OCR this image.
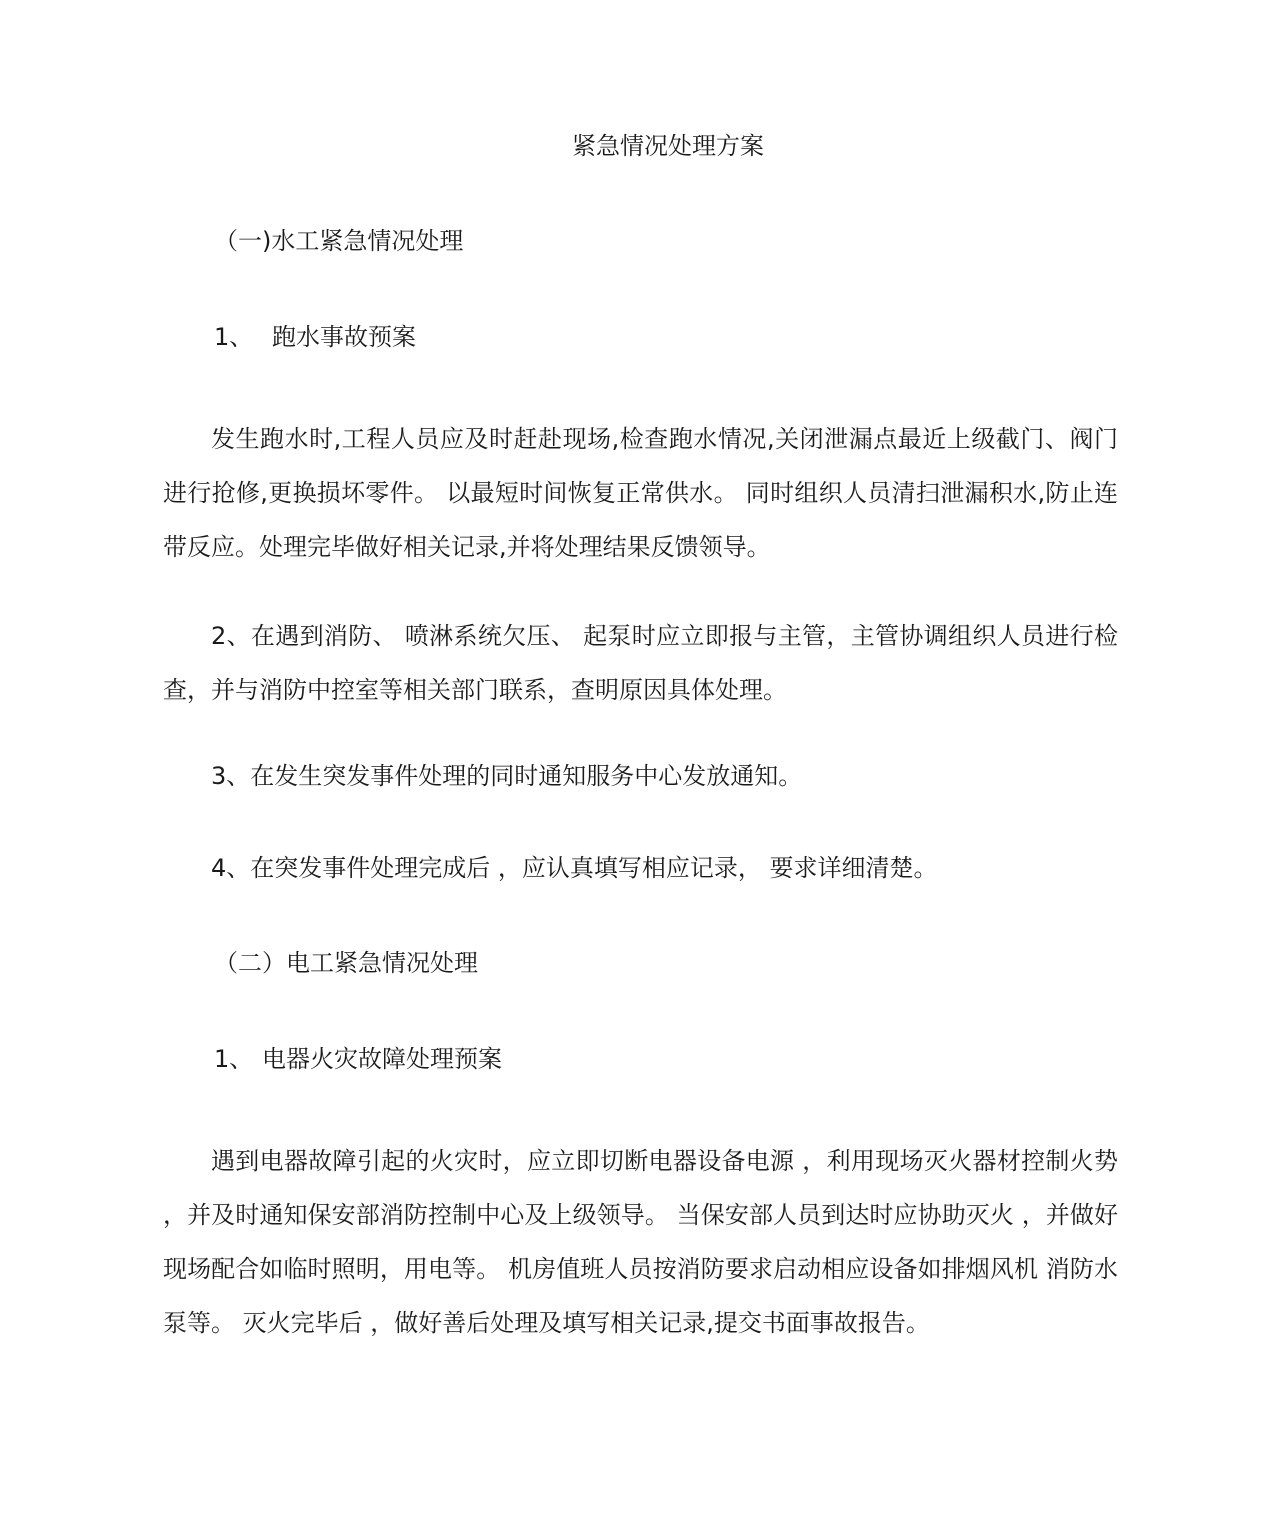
紧急情况处理方案
（一)水工紧急情况处理
1、 跑水事故预案
发生跑水时,工程人员应及时赶赴现场,检查跑水情况,关闭泄漏点最近上级截门、阀门进行抢修,更换损坏零件。 以最短时间恢复正常供水。 同时组织人员清扫泄漏积水,防止连带反应。处理完毕做好相关记录,并将处理结果反馈领导。
2、在遇到消防、 喷淋系统欠压、 起泵时应立即报与主管，主管协调组织人员进行检查，并与消防中控室等相关部门联系，查明原因具体处理。
3、在发生突发事件处理的同时通知服务中心发放通知。
4、在突发事件处理完成后 ，应认真填写相应记录， 要求详细清楚。
（二）电工紧急情况处理
1、 电器火灾故障处理预案
遇到电器故障引起的火灾时，应立即切断电器设备电源 ，利用现场灭火器材控制火势 ，并及时通知保安部消防控制中心及上级领导。 当保安部人员到达时应协助灭火 ，并做好现场配合如临时照明，用电等。 机房值班人员按消防要求启动相应设备如排烟风机 消防水泵等。 灭火完毕后 ，做好善后处理及填写相关记录,提交书面事故报告。
